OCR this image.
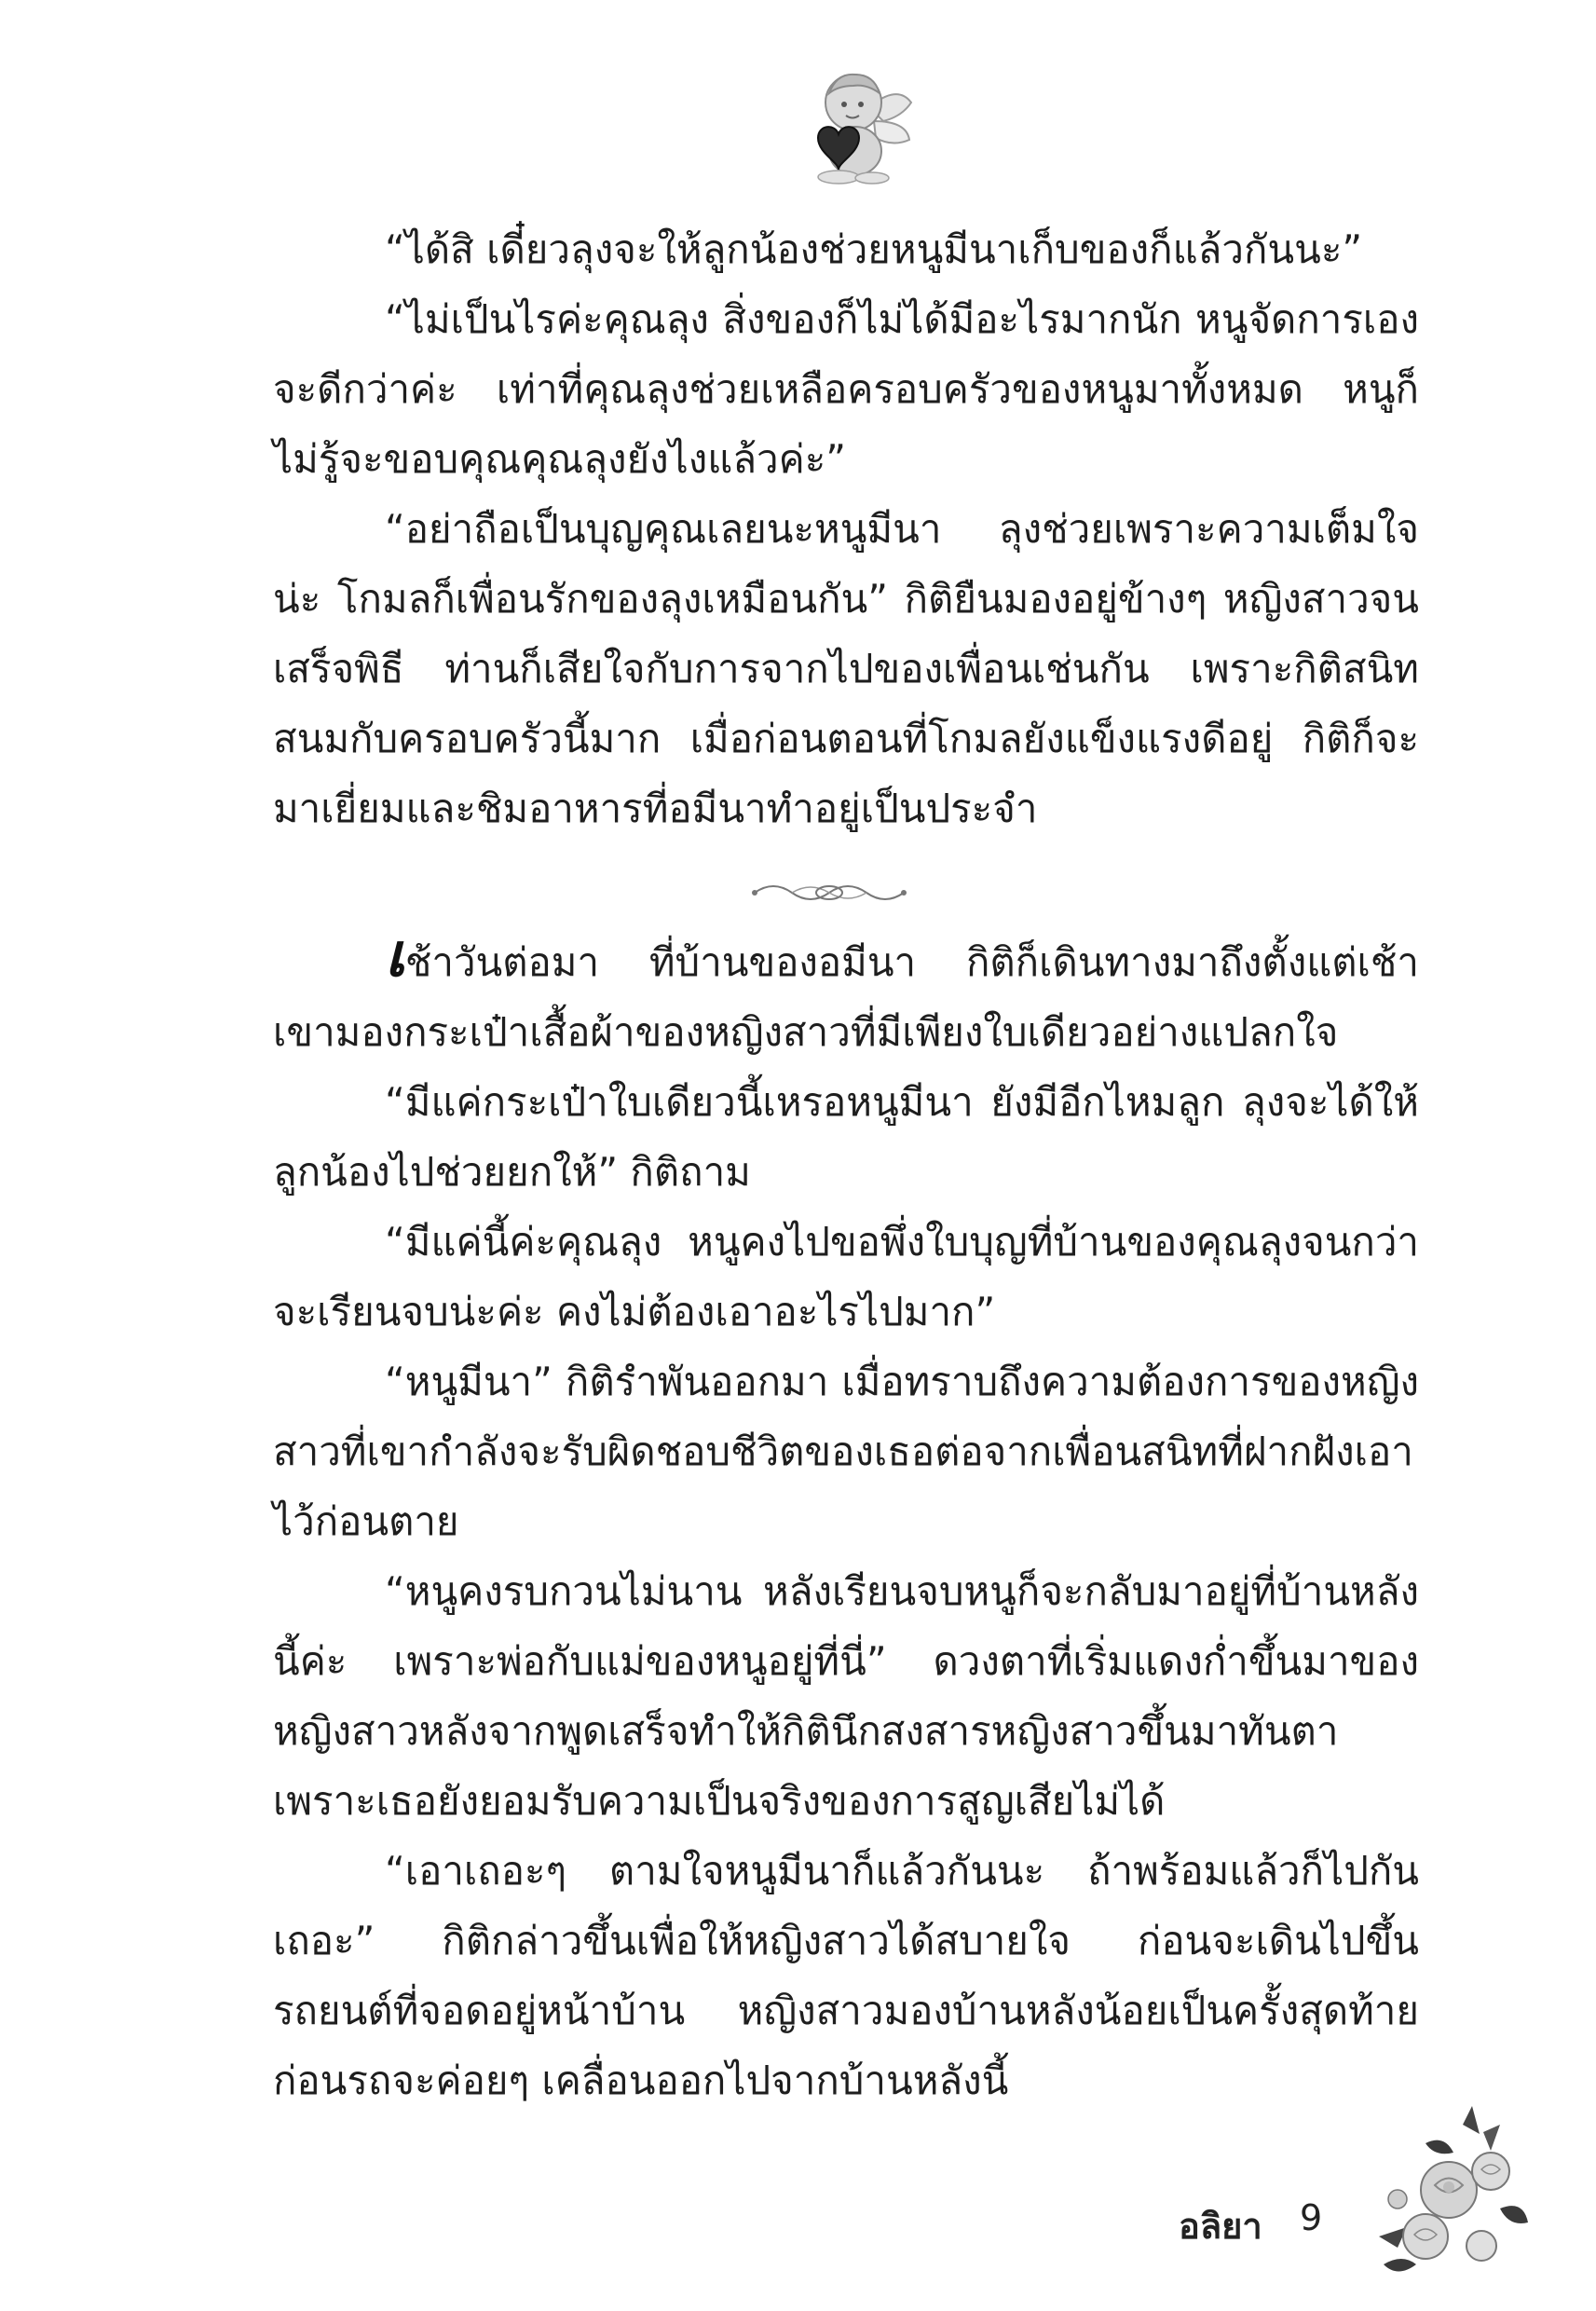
“ได้สิ เดี๋ยวลุงจะให้ลูกน้องช่วยหนูมีนาเก็บของก็แล้วกันนะ”

“ไม่เป็นไรค่ะคุณลุง สิ่งของก็ไม่ได้มีอะไรมากนัก หนูจัดการเองจะดีกว่าค่ะ เท่าที่คุณลุงช่วยเหลือครอบครัวของหนูมาทั้งหมด หนูก็ไม่รู้จะขอบคุณคุณลุงยังไงแล้วค่ะ”

“อย่าถือเป็นบุญคุณเลยนะหนูมีนา ลุงช่วยเพราะความเต็มใจน่ะ โกมลก็เพื่อนรักของลุงเหมือนกัน” กิติยืนมองอยู่ข้างๆ หญิงสาวจนเสร็จพิธี ท่านก็เสียใจกับการจากไปของเพื่อนเช่นกัน เพราะกิติสนิทสนมกับครอบครัวนี้มาก เมื่อก่อนตอนที่โกมลยังแข็งแรงดีอยู่ กิติก็จะมาเยี่ยมและชิมอาหารที่อมีนาทำอยู่เป็นประจำ

เช้าวันต่อมา ที่บ้านของอมีนา กิติก็เดินทางมาถึงตั้งแต่เช้า เขามองกระเป๋าเสื้อผ้าของหญิงสาวที่มีเพียงใบเดียวอย่างแปลกใจ

“มีแค่กระเป๋าใบเดียวนี้เหรอหนูมีนา ยังมีอีกไหมลูก ลุงจะได้ให้ลูกน้องไปช่วยยกให้” กิติถาม

“มีแค่นี้ค่ะคุณลุง หนูคงไปขอพึ่งใบบุญที่บ้านของคุณลุงจนกว่าจะเรียนจบน่ะค่ะ คงไม่ต้องเอาอะไรไปมาก”

“หนูมีนา” กิติรำพันออกมา เมื่อทราบถึงความต้องการของหญิงสาวที่เขากำลังจะรับผิดชอบชีวิตของเธอต่อจากเพื่อนสนิทที่ฝากฝังเอาไว้ก่อนตาย

“หนูคงรบกวนไม่นาน หลังเรียนจบหนูก็จะกลับมาอยู่ที่บ้านหลังนี้ค่ะ เพราะพ่อกับแม่ของหนูอยู่ที่นี่” ดวงตาที่เริ่มแดงก่ำขึ้นมาของหญิงสาวหลังจากพูดเสร็จทำให้กิตินึกสงสารหญิงสาวขึ้นมาทันตา เพราะเธอยังยอมรับความเป็นจริงของการสูญเสียไม่ได้

“เอาเถอะๆ ตามใจหนูมีนาก็แล้วกันนะ ถ้าพร้อมแล้วก็ไปกันเถอะ” กิติกล่าวขึ้นเพื่อให้หญิงสาวได้สบายใจ ก่อนจะเดินไปขึ้นรถยนต์ที่จอดอยู่หน้าบ้าน หญิงสาวมองบ้านหลังน้อยเป็นครั้งสุดท้ายก่อนรถจะค่อยๆ เคลื่อนออกไปจากบ้านหลังนี้

อลิยา 9
